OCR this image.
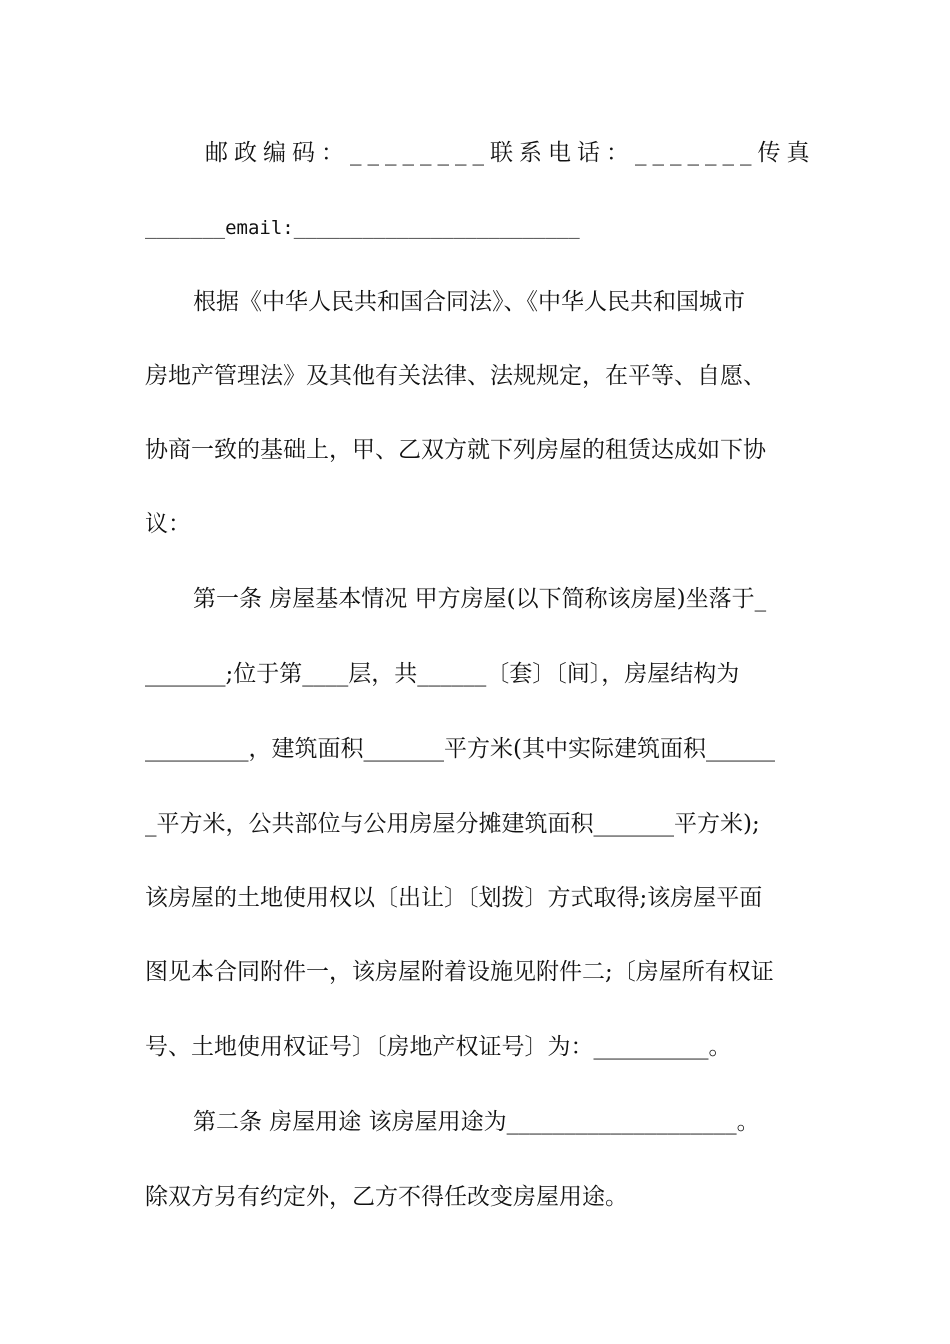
邮政编码：________ 联系电话：_______ 传真
_______email:_________________________
根据《中华人民共和国合同法》、《中华人民共和国城市
房地产管理法》及其他有关法律、法规规定，在平等、自愿、
协商一致的基础上，甲、乙双方就下列房屋的租赁达成如下协
议：
第一条 房屋基本情况 甲方房屋(以下简称该房屋)坐落于_
_______;位于第____层，共______〔套〕〔间〕，房屋结构为
_________，建筑面积_______平方米(其中实际建筑面积______
_平方米，公共部位与公用房屋分摊建筑面积_______平方米);
该房屋的土地使用权以〔出让〕〔划拨〕方式取得;该房屋平面
图见本合同附件一，该房屋附着设施见附件二;〔房屋所有权证
号、土地使用权证号〕〔房地产权证号〕为：__________。
第二条 房屋用途 该房屋用途为____________________。
除双方另有约定外，乙方不得任改变房屋用途。
